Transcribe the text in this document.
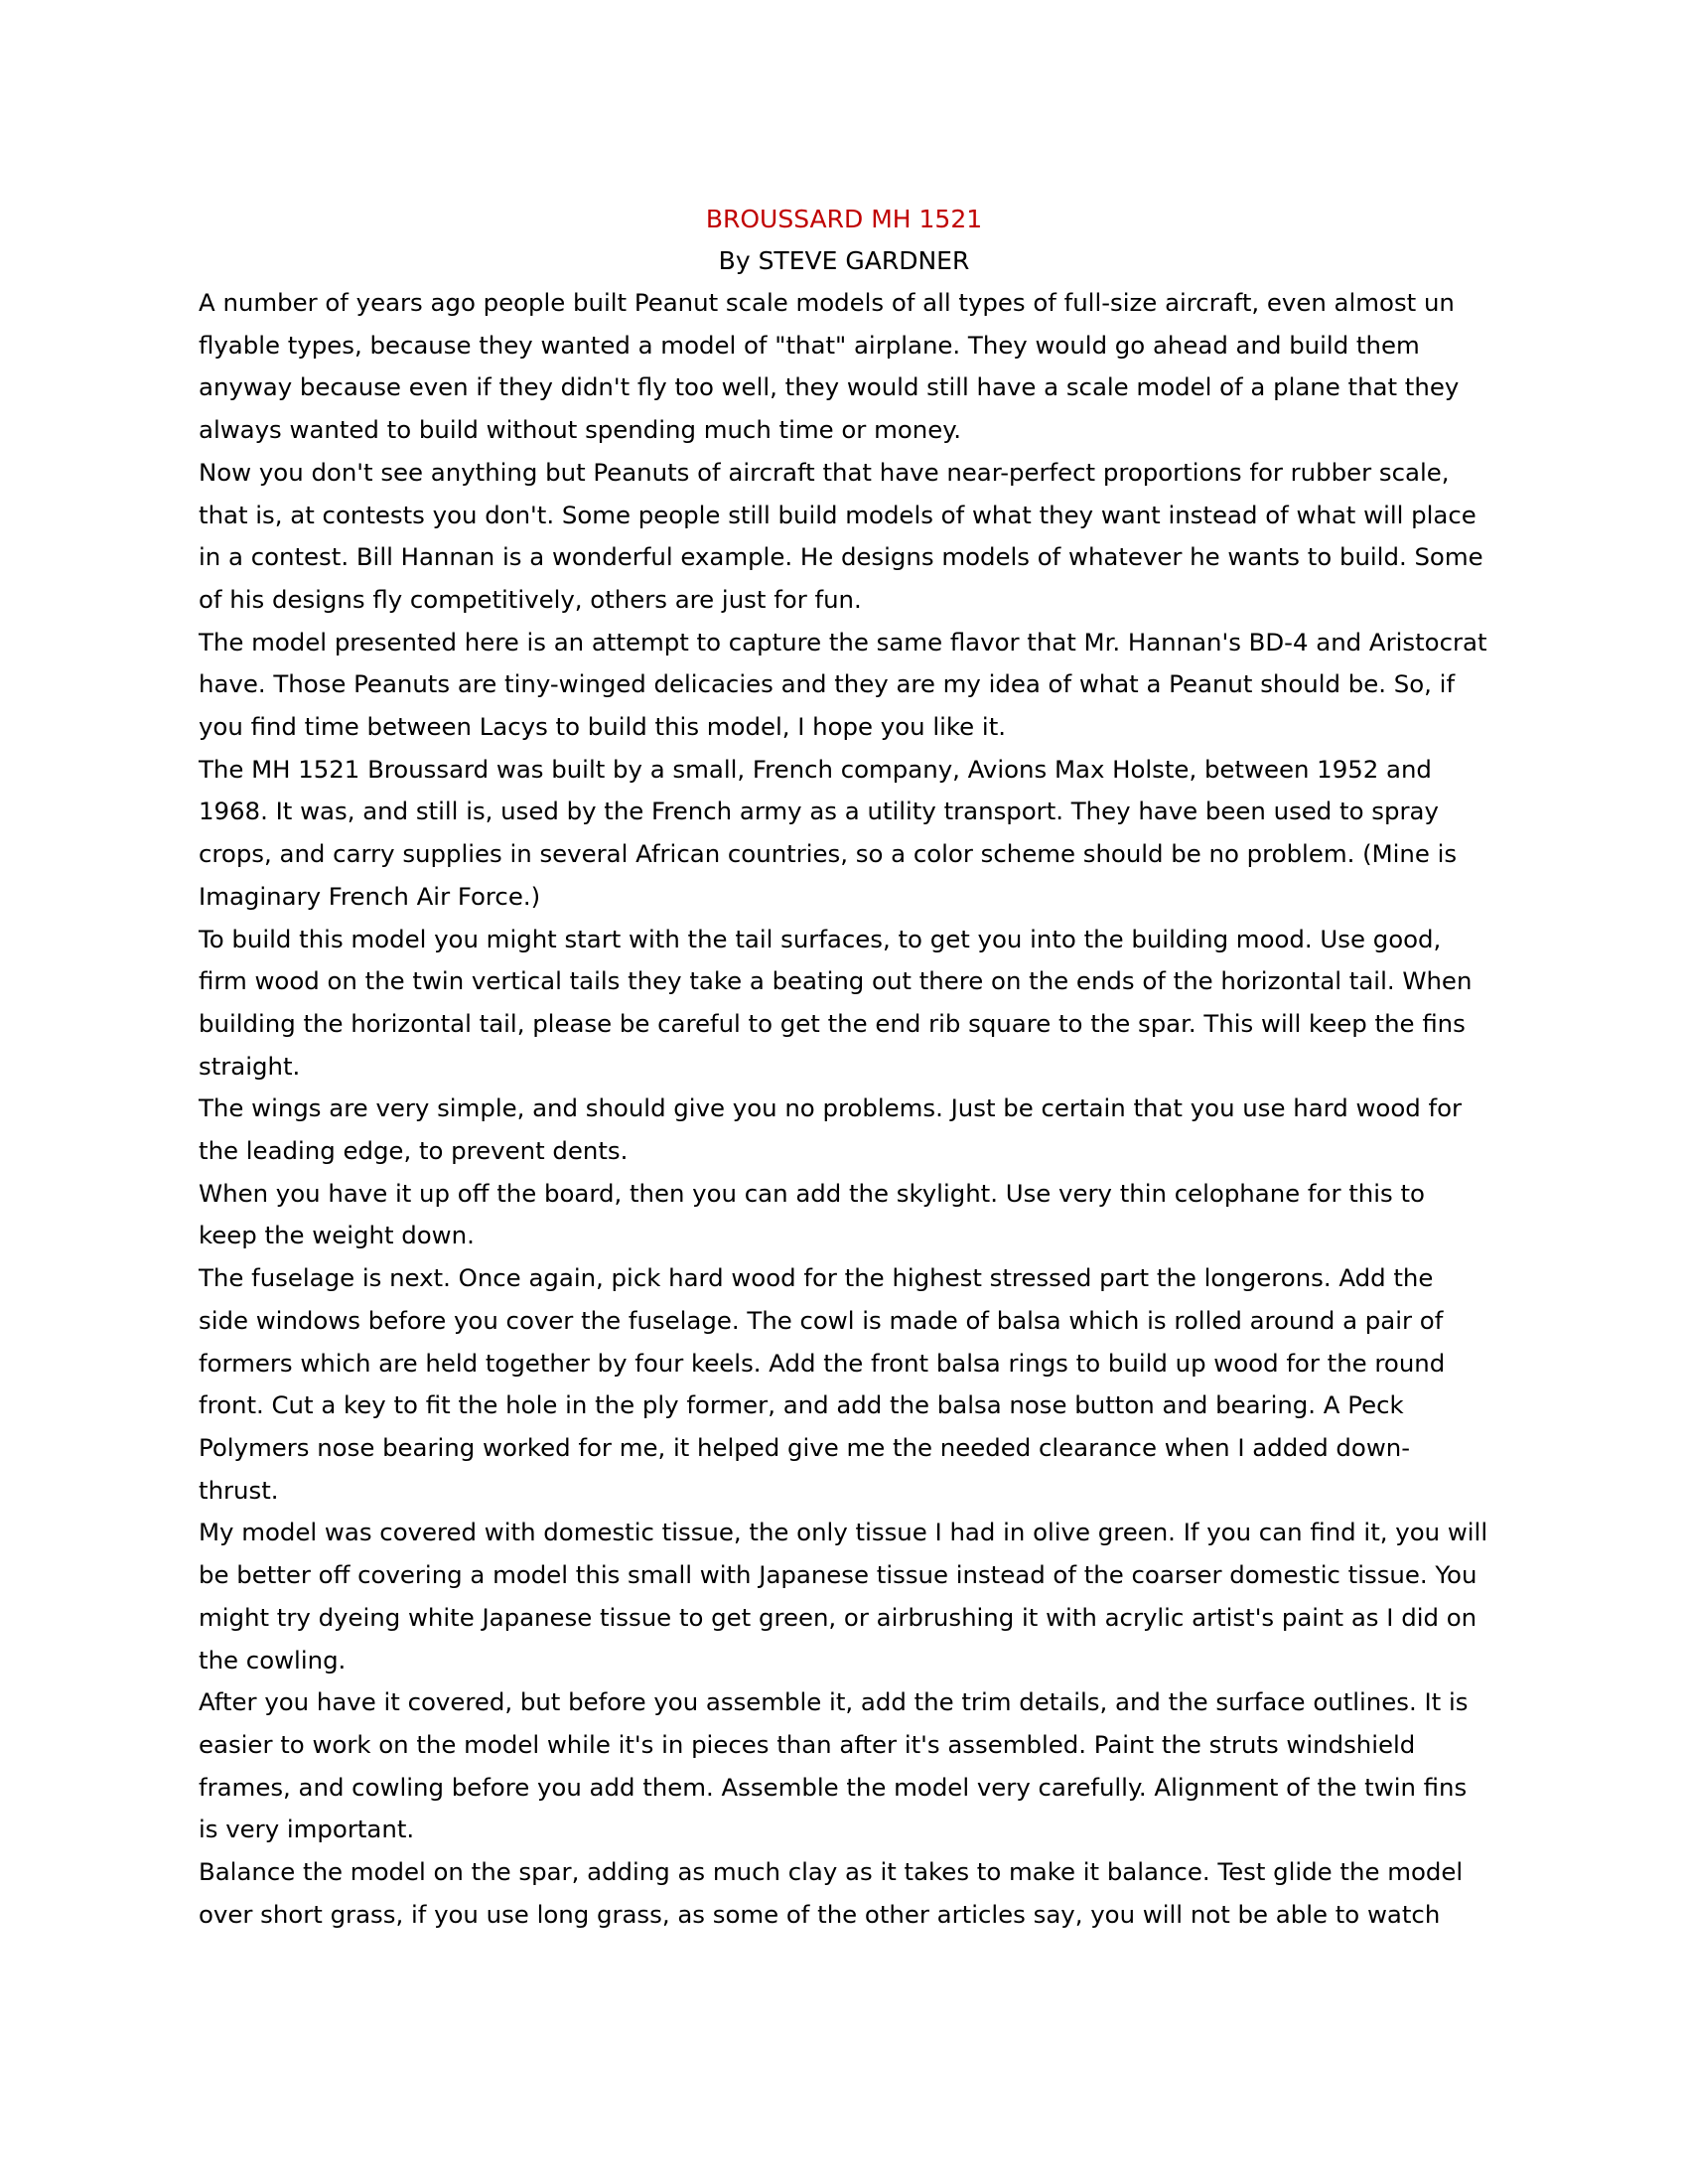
BROUSSARD MH 1521
By STEVE GARDNER

A number of years ago people built Peanut scale models of all types of full-size aircraft, even almost un flyable types, because they wanted a model of "that" airplane. They would go ahead and build them anyway because even if they didn't fly too well, they would still have a scale model of a plane that they always wanted to build without spending much time or money.

Now you don't see anything but Peanuts of aircraft that have near-perfect proportions for rubber scale, that is, at contests you don't. Some people still build models of what they want instead of what will place in a contest. Bill Hannan is a wonderful example. He designs models of whatever he wants to build. Some of his designs fly competitively, others are just for fun.

The model presented here is an attempt to capture the same flavor that Mr. Hannan's BD-4 and Aristocrat have. Those Peanuts are tiny-winged delicacies and they are my idea of what a Peanut should be. So, if you find time between Lacys to build this model, I hope you like it.

The MH 1521 Broussard was built by a small, French company, Avions Max Holste, between 1952 and 1968. It was, and still is, used by the French army as a utility transport. They have been used to spray crops, and carry supplies in several African countries, so a color scheme should be no problem. (Mine is Imaginary French Air Force.)

To build this model you might start with the tail surfaces, to get you into the building mood. Use good, firm wood on the twin vertical tails they take a beating out there on the ends of the horizontal tail. When building the horizontal tail, please be careful to get the end rib square to the spar. This will keep the fins straight.

The wings are very simple, and should give you no problems. Just be certain that you use hard wood for the leading edge, to prevent dents.

When you have it up off the board, then you can add the skylight. Use very thin celophane for this to keep the weight down.

The fuselage is next. Once again, pick hard wood for the highest stressed part the longerons. Add the side windows before you cover the fuselage. The cowl is made of balsa which is rolled around a pair of formers which are held together by four keels. Add the front balsa rings to build up wood for the round front. Cut a key to fit the hole in the ply former, and add the balsa nose button and bearing. A Peck Polymers nose bearing worked for me, it helped give me the needed clearance when I added down-thrust.

My model was covered with domestic tissue, the only tissue I had in olive green. If you can find it, you will be better off covering a model this small with Japanese tissue instead of the coarser domestic tissue. You might try dyeing white Japanese tissue to get green, or airbrushing it with acrylic artist's paint as I did on the cowling.

After you have it covered, but before you assemble it, add the trim details, and the surface outlines. It is easier to work on the model while it's in pieces than after it's assembled. Paint the struts windshield frames, and cowling before you add them. Assemble the model very carefully. Alignment of the twin fins is very important.

Balance the model on the spar, adding as much clay as it takes to make it balance. Test glide the model over short grass, if you use long grass, as some of the other articles say, you will not be able to watch
